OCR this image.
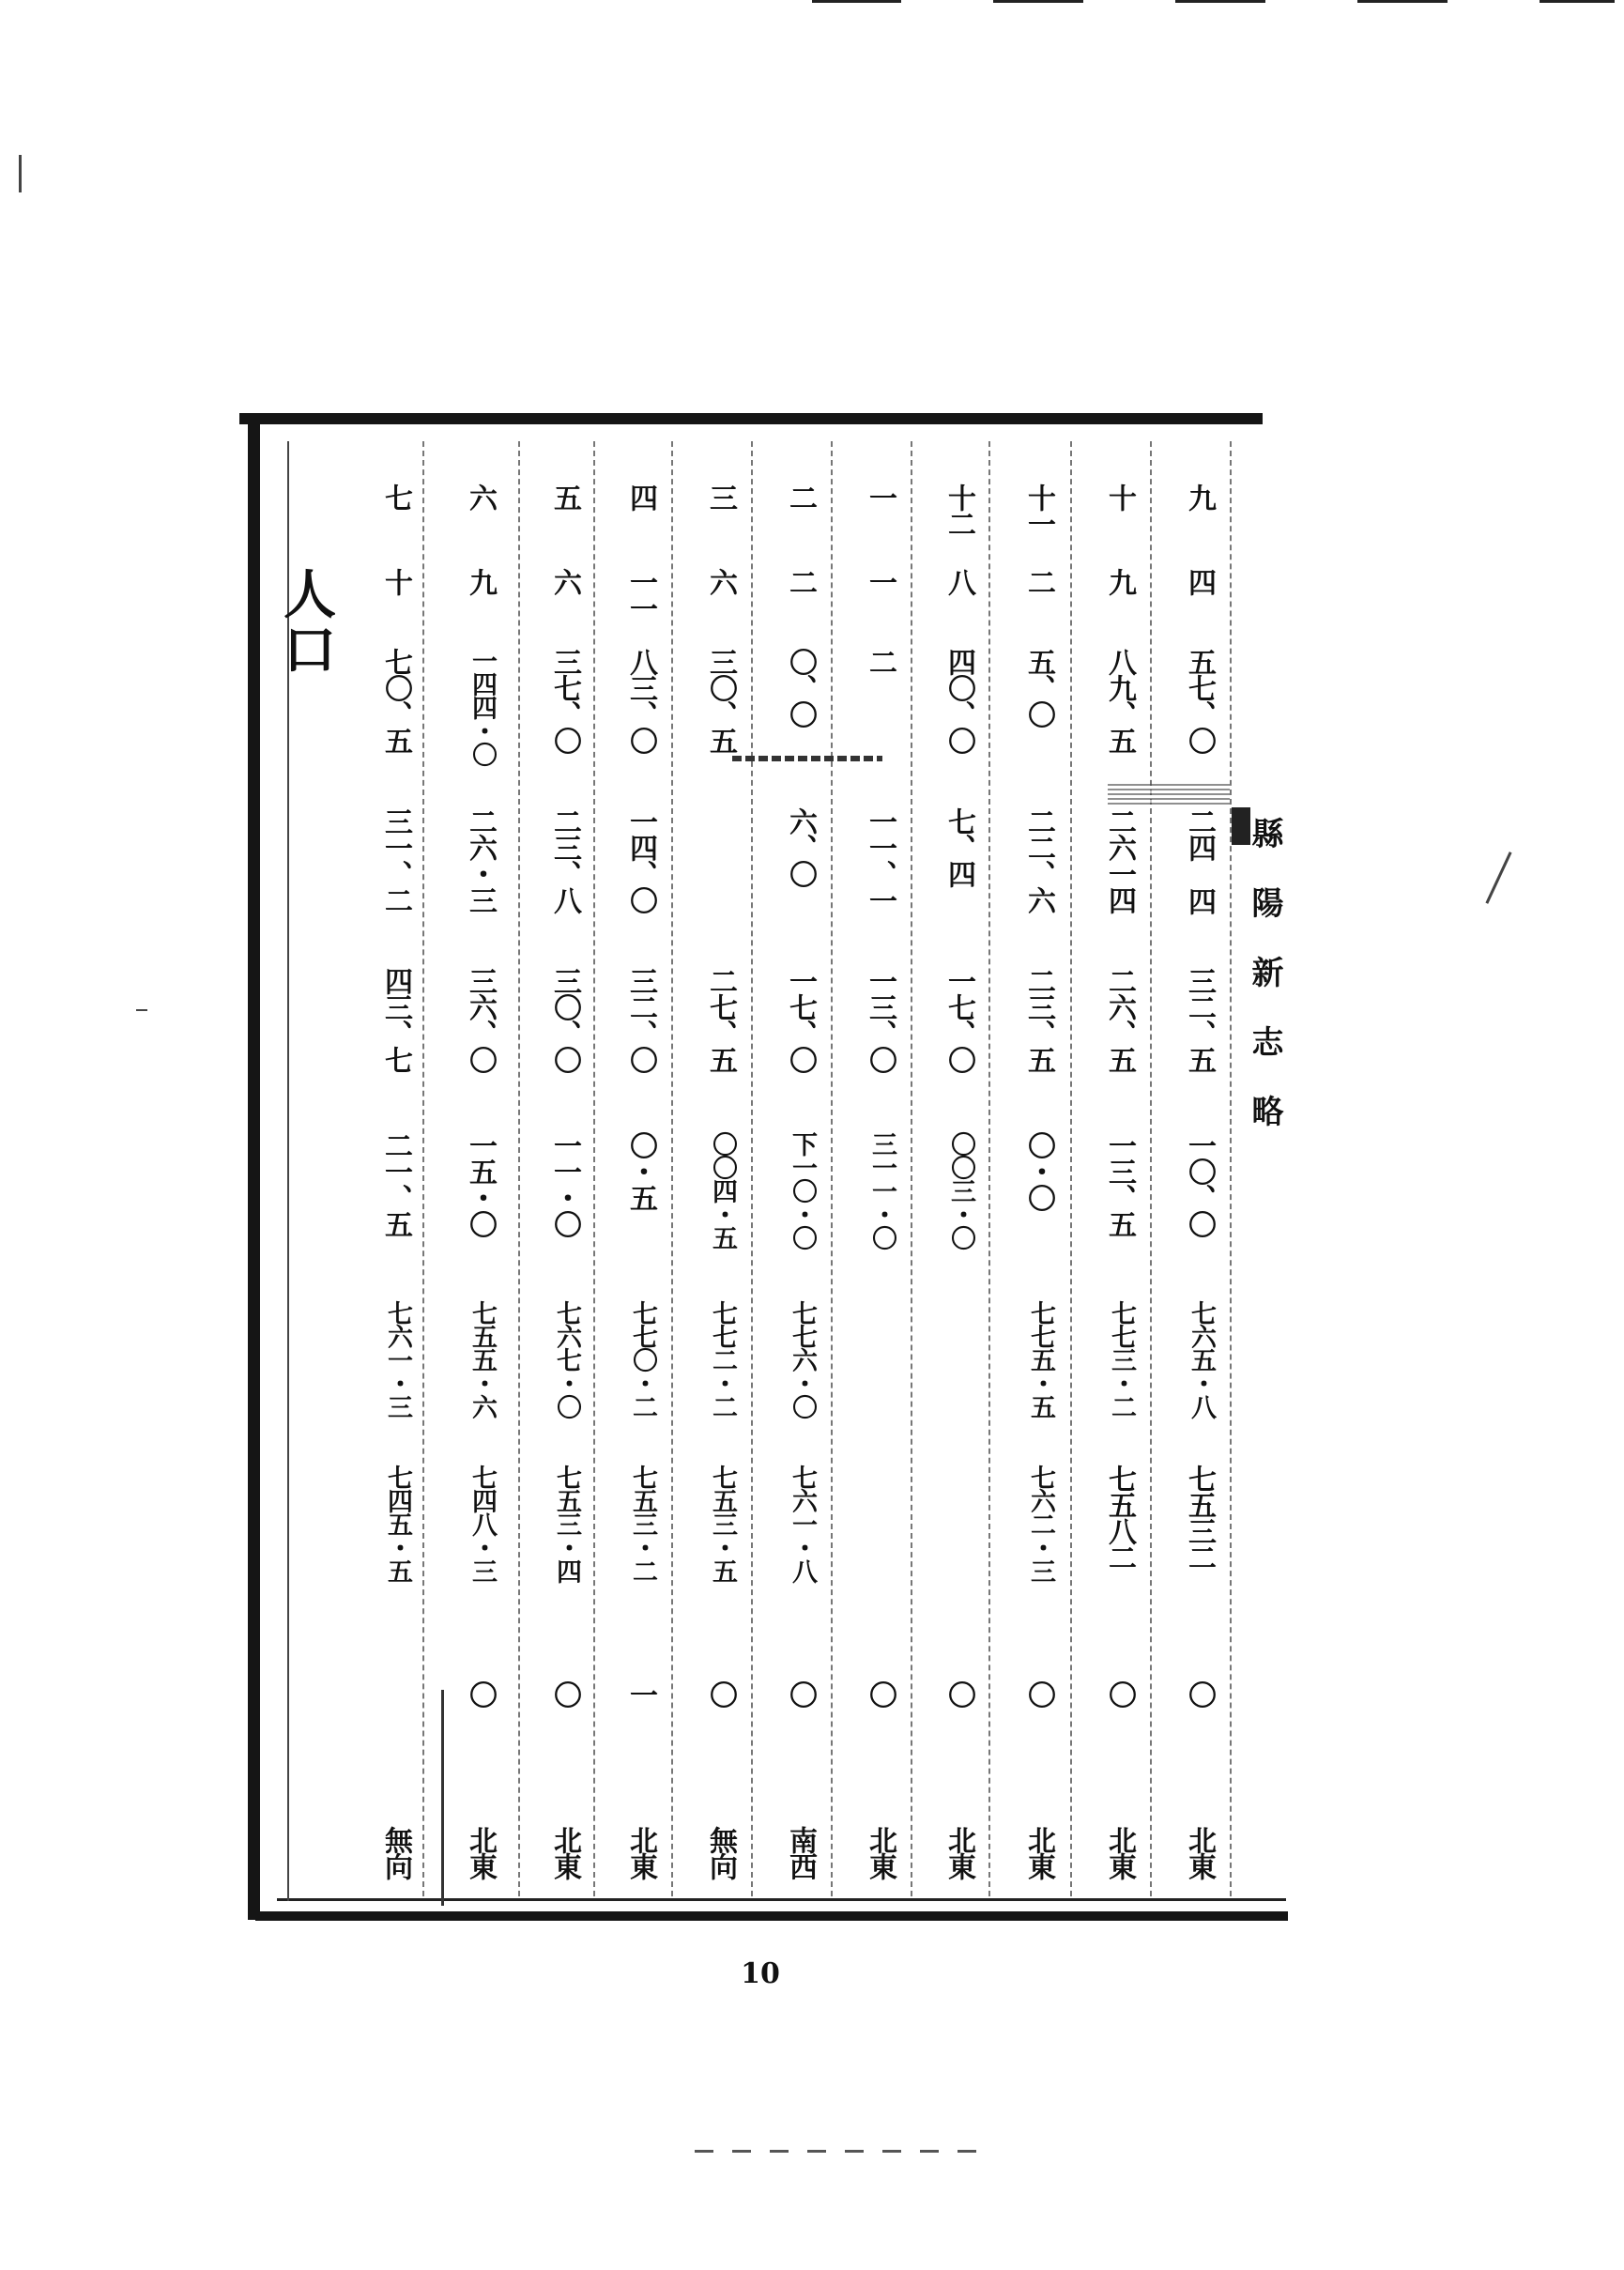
人口
縣 陽 新 志 略
九
四
五七、〇
二四
四
三二、五
一〇、〇
七六五・八
七五三二
〇
北東
十
九
八九、五
二六一四
二六、五
一三、五
七七三・二
七五八二
〇
北東
十一
二
五、〇
二二、六
二三、五
〇・〇
七七五・五
七六二・三
〇
北東
十二
八
四〇、〇
七、四
一七、〇
〇〇三・〇
〇
北東
一
一
二
一一、一
一三、〇
三一一・〇
〇
北東
二
二
〇、〇
六、〇
一七、〇
下一〇・〇
七七六・〇
七六一・八
〇
南西
三
六
三〇、五
二七、五
〇〇四・五
七七二・二
七五三・五
〇
無向
四
一一
八三、〇
一四、〇
三二、〇
〇・五
七七〇・二
七五三・二
一
北東
五
六
三七、〇
二三、八
三〇、〇
一一・〇
七六七・〇
七五三・四
〇
北東
六
九
一四四・〇
二六・三
三六、〇
一五・〇
七五五・六
七四八・三
〇
北東
七
十
七〇、五
三一、二
四三、七
二一、五
七六一・三
七四五・五
無向
10
